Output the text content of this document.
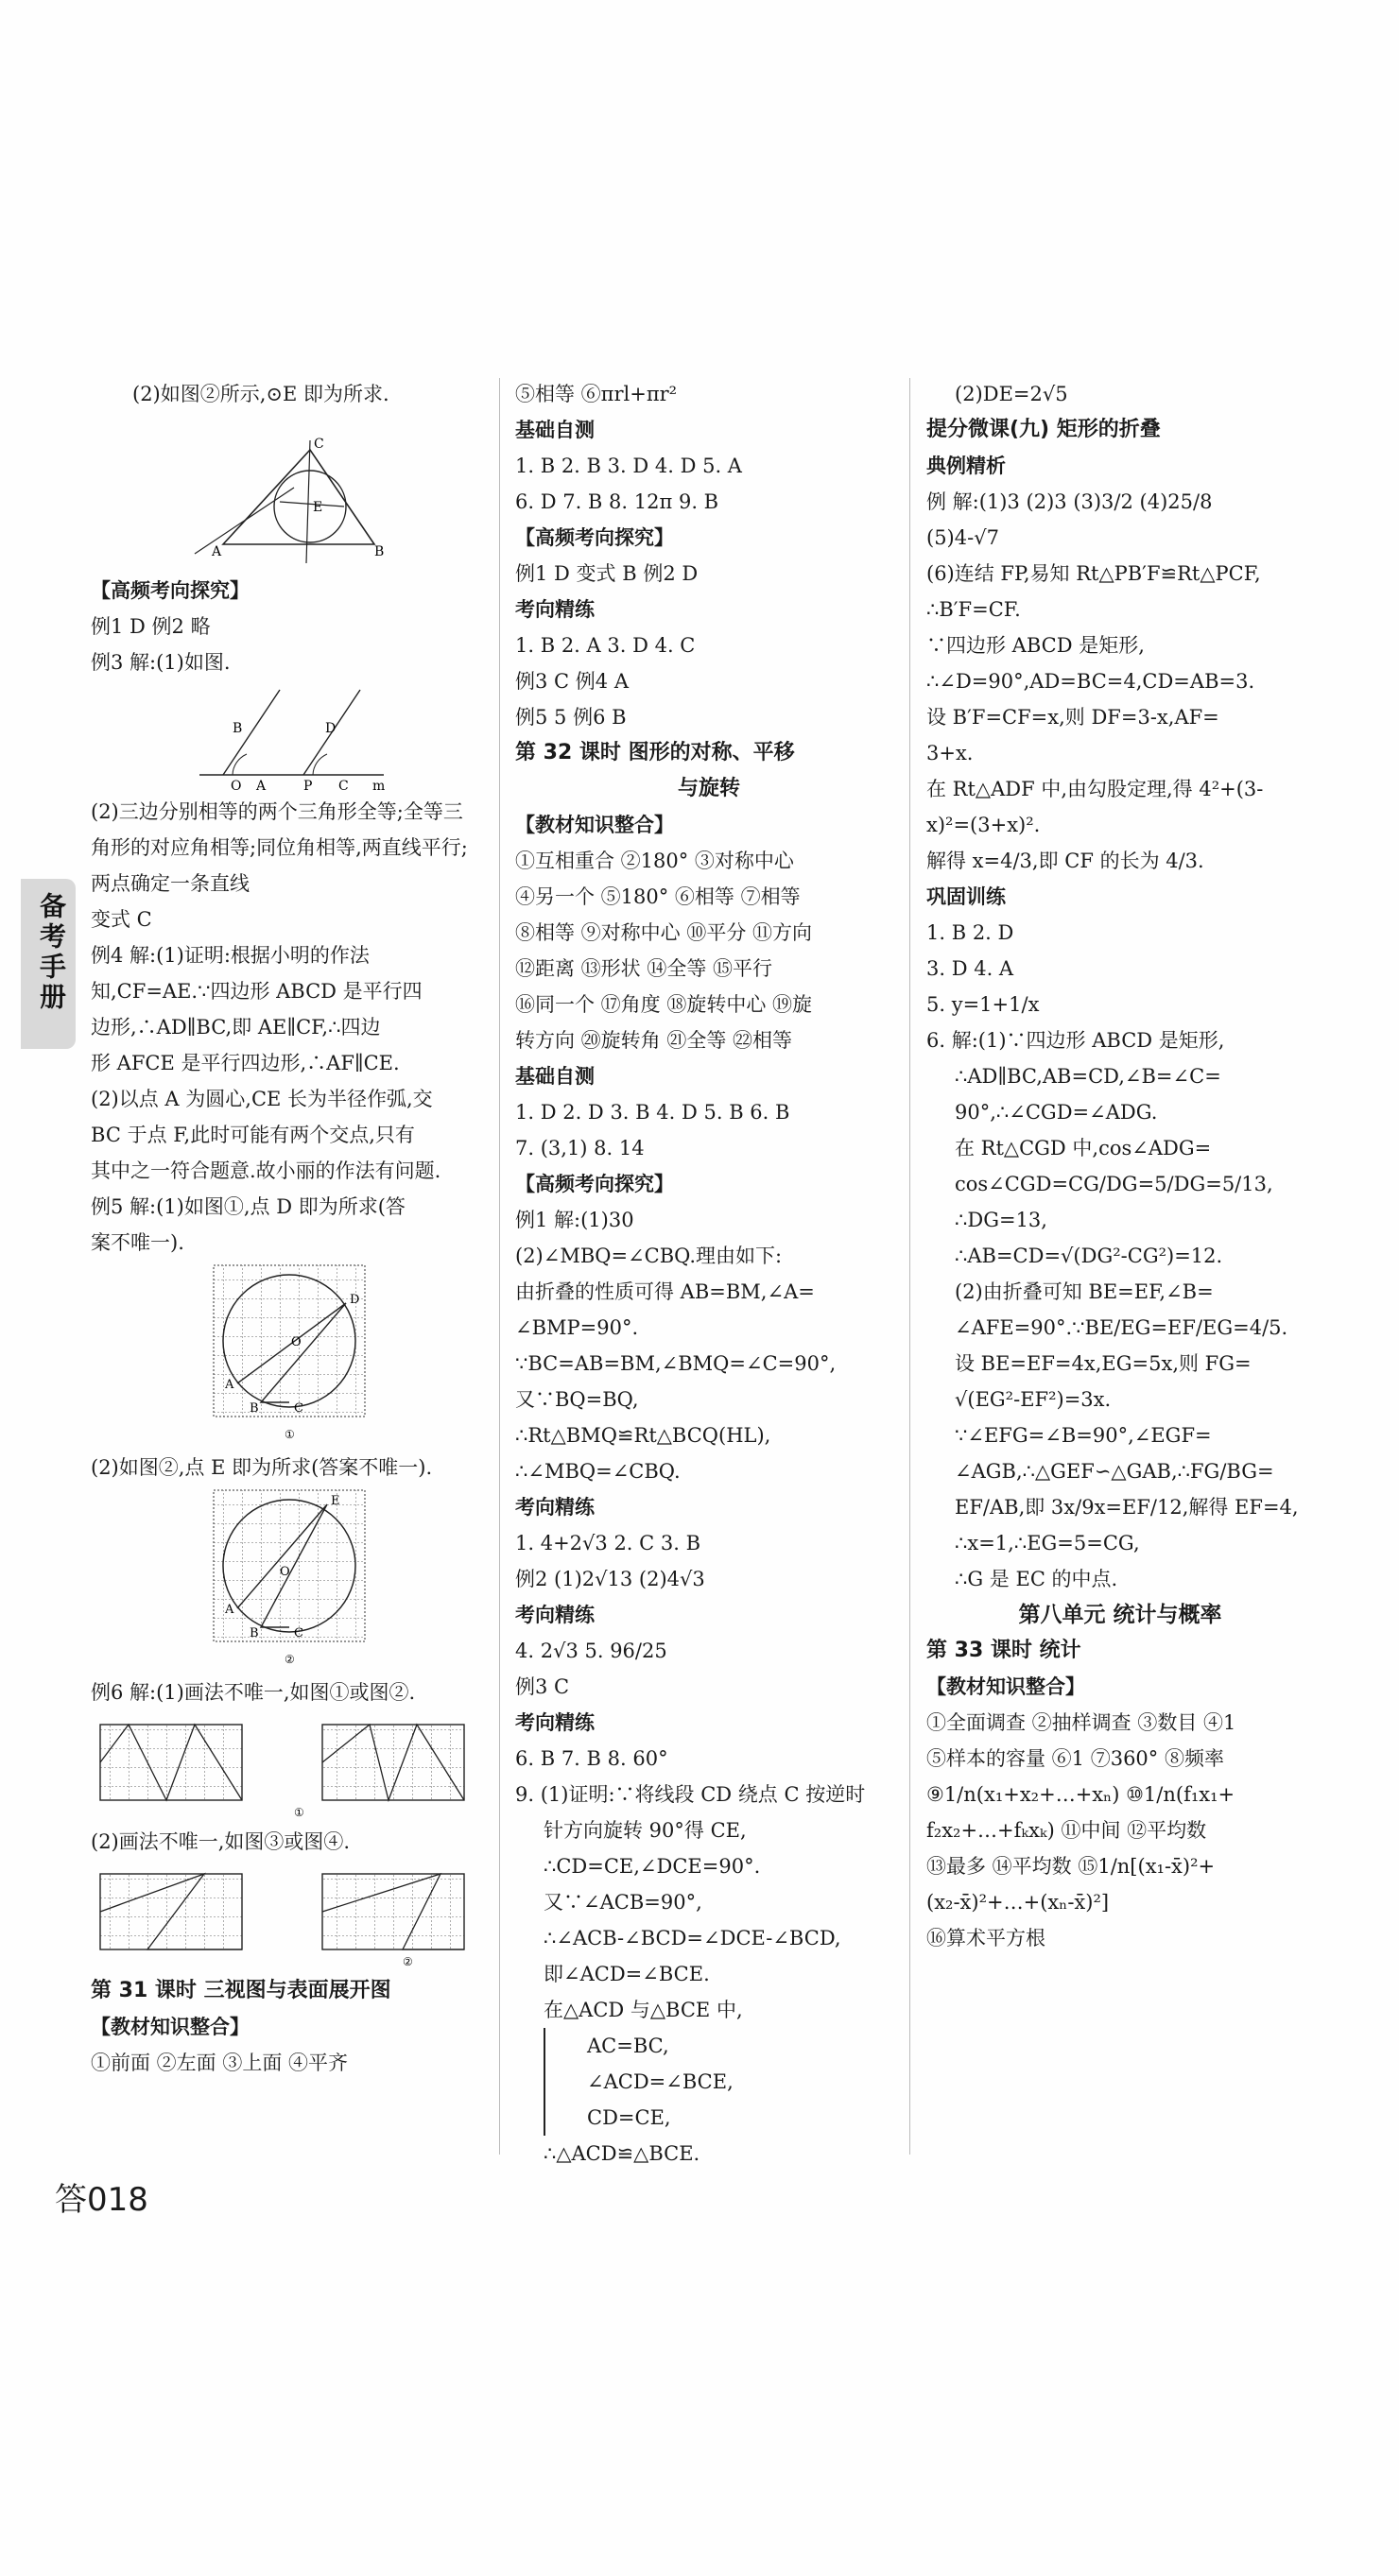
备考手册
(2)如图②所示,⊙E 即为所求.
A	B
C
E
【高频考向探究】
例1 D 例2 略
例3 解:(1)如图.
O A	P C m
B	D
(2)三边分别相等的两个三角形全等;全等三
角形的对应角相等;同位角相等,两直线平行;
两点确定一条直线
变式 C
例4 解:(1)证明:根据小明的作法
知,CF=AE.∵四边形 ABCD 是平行四
边形,∴AD∥BC,即 AE∥CF,∴四边
形 AFCE 是平行四边形,∴AF∥CE.
(2)以点 A 为圆心,CE 长为半径作弧,交
BC 于点 F,此时可能有两个交点,只有
其中之一符合题意.故小丽的作法有问题.
例5 解:(1)如图①,点 D 即为所求(答
案不唯一).
A
B	C
D
O
①
(2)如图②,点 E 即为所求(答案不唯一).
A
B	C
E
O
②
例6 解:(1)画法不唯一,如图①或图②.
①
(2)画法不唯一,如图③或图④.
②
第 31 课时 三视图与表面展开图
【教材知识整合】
①前面 ②左面 ③上面 ④平齐
⑤相等 ⑥πrl+πr²
基础自测
1. B 2. B 3. D 4. D 5. A
6. D 7. B 8. 12π 9. B
【高频考向探究】
例1 D 变式 B 例2 D
考向精练
1. B 2. A 3. D 4. C
例3 C 例4 A
例5 5 例6 B
第 32 课时 图形的对称、平移
与旋转
【教材知识整合】
①互相重合 ②180° ③对称中心
④另一个 ⑤180° ⑥相等 ⑦相等
⑧相等 ⑨对称中心 ⑩平分 ⑪方向
⑫距离 ⑬形状 ⑭全等 ⑮平行
⑯同一个 ⑰角度 ⑱旋转中心 ⑲旋
转方向 ⑳旋转角 ㉑全等 ㉒相等
基础自测
1. D 2. D 3. B 4. D 5. B 6. B
7. (3,1) 8. 14
【高频考向探究】
例1 解:(1)30
(2)∠MBQ=∠CBQ.理由如下:
由折叠的性质可得 AB=BM,∠A=
∠BMP=90°.
∵BC=AB=BM,∠BMQ=∠C=90°,
又∵BQ=BQ,
∴Rt△BMQ≌Rt△BCQ(HL),
∴∠MBQ=∠CBQ.
考向精练
1. 4+2√3 2. C 3. B
例2 (1)2√13 (2)4√3
考向精练
4. 2√3 5. 96/25
例3 C
考向精练
6. B 7. B 8. 60°
9. (1)证明:∵将线段 CD 绕点 C 按逆时
针方向旋转 90°得 CE,
∴CD=CE,∠DCE=90°.
又∵∠ACB=90°,
∴∠ACB-∠BCD=∠DCE-∠BCD,
即∠ACD=∠BCE.
在△ACD 与△BCE 中,
AC=BC,
∠ACD=∠BCE,
CD=CE,
∴△ACD≌△BCE.
(2)DE=2√5
提分微课(九) 矩形的折叠
典例精析
例 解:(1)3 (2)3 (3)3/2 (4)25/8
(5)4-√7
(6)连结 FP,易知 Rt△PB′F≌Rt△PCF,
∴B′F=CF.
∵四边形 ABCD 是矩形,
∴∠D=90°,AD=BC=4,CD=AB=3.
设 B′F=CF=x,则 DF=3-x,AF=
3+x.
在 Rt△ADF 中,由勾股定理,得 4²+(3-
x)²=(3+x)².
解得 x=4/3,即 CF 的长为 4/3.
巩固训练
1. B 2. D
3. D 4. A
5. y=1+1/x
6. 解:(1)∵四边形 ABCD 是矩形,
∴AD∥BC,AB=CD,∠B=∠C=
90°,∴∠CGD=∠ADG.
在 Rt△CGD 中,cos∠ADG=
cos∠CGD=CG/DG=5/DG=5/13,
∴DG=13,
∴AB=CD=√(DG²-CG²)=12.
(2)由折叠可知 BE=EF,∠B=
∠AFE=90°.∵BE/EG=EF/EG=4/5.
设 BE=EF=4x,EG=5x,则 FG=
√(EG²-EF²)=3x.
∵∠EFG=∠B=90°,∠EGF=
∠AGB,∴△GEF∽△GAB,∴FG/BG=
EF/AB,即 3x/9x=EF/12,解得 EF=4,
∴x=1,∴EG=5=CG,
∴G 是 EC 的中点.
第八单元 统计与概率
第 33 课时 统计
【教材知识整合】
①全面调查 ②抽样调查 ③数目 ④1
⑤样本的容量 ⑥1 ⑦360° ⑧频率
⑨1/n(x₁+x₂+…+xₙ) ⑩1/n(f₁x₁+
f₂x₂+…+fₖxₖ) ⑪中间 ⑫平均数
⑬最多 ⑭平均数 ⑮1/n[(x₁-x̄)²+
(x₂-x̄)²+…+(xₙ-x̄)²]
⑯算术平方根
答018
